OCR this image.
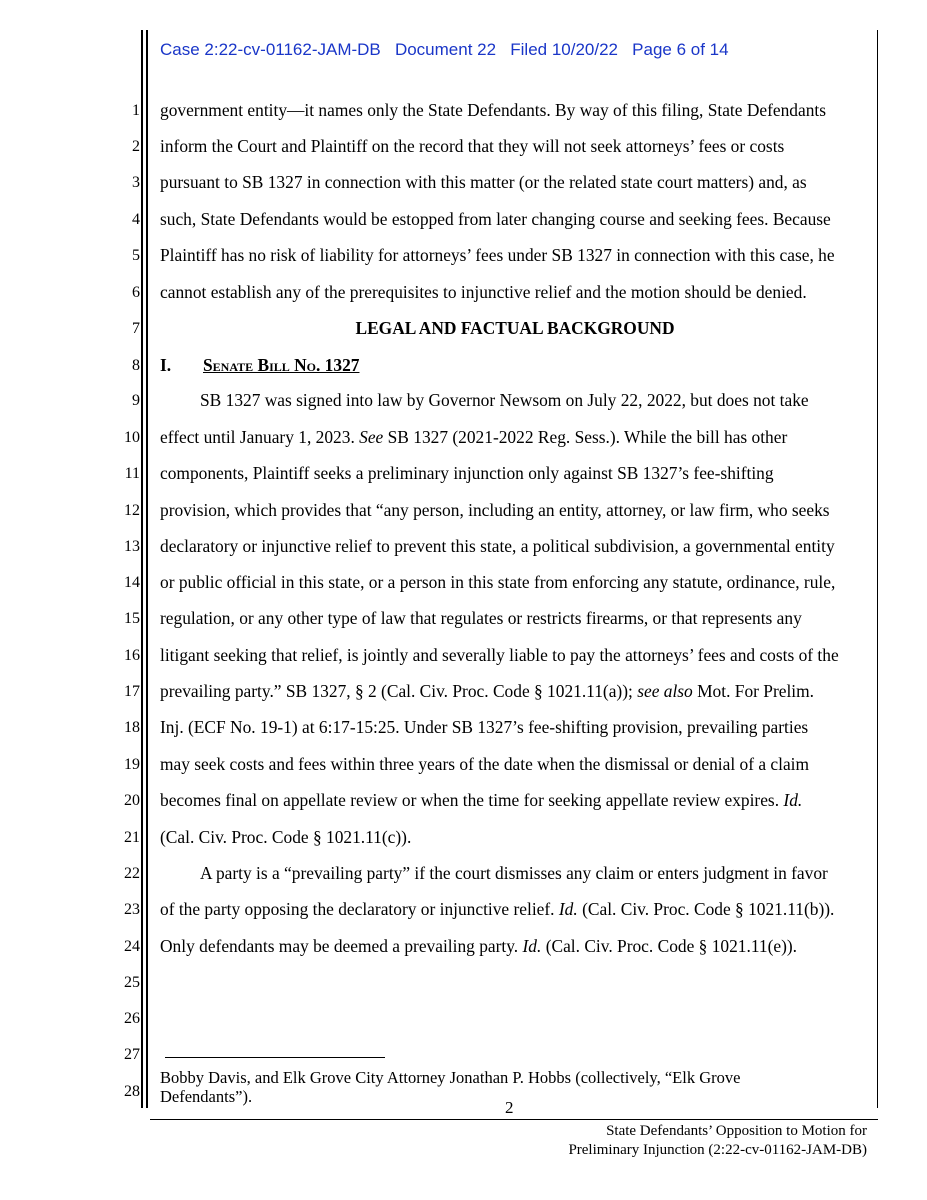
Case 2:22-cv-01162-JAM-DB Document 22 Filed 10/20/22 Page 6 of 14
1
2
3
4
5
6
7
8
9
10
11
12
13
14
15
16
17
18
19
20
21
22
23
24
25
26
27
28
government entity—it names only the State Defendants. By way of this filing, State Defendants
inform the Court and Plaintiff on the record that they will not seek attorneys’ fees or costs
pursuant to SB 1327 in connection with this matter (or the related state court matters) and, as
such, State Defendants would be estopped from later changing course and seeking fees. Because
Plaintiff has no risk of liability for attorneys’ fees under SB 1327 in connection with this case, he
cannot establish any of the prerequisites to injunctive relief and the motion should be denied.
LEGAL AND FACTUAL BACKGROUND
I. Senate Bill No. 1327
SB 1327 was signed into law by Governor Newsom on July 22, 2022, but does not take
effect until January 1, 2023. See SB 1327 (2021-2022 Reg. Sess.). While the bill has other
components, Plaintiff seeks a preliminary injunction only against SB 1327’s fee-shifting
provision, which provides that “any person, including an entity, attorney, or law firm, who seeks
declaratory or injunctive relief to prevent this state, a political subdivision, a governmental entity
or public official in this state, or a person in this state from enforcing any statute, ordinance, rule,
regulation, or any other type of law that regulates or restricts firearms, or that represents any
litigant seeking that relief, is jointly and severally liable to pay the attorneys’ fees and costs of the
prevailing party.” SB 1327, § 2 (Cal. Civ. Proc. Code § 1021.11(a)); see also Mot. For Prelim.
Inj. (ECF No. 19-1) at 6:17-15:25. Under SB 1327’s fee-shifting provision, prevailing parties
may seek costs and fees within three years of the date when the dismissal or denial of a claim
becomes final on appellate review or when the time for seeking appellate review expires. Id.
(Cal. Civ. Proc. Code § 1021.11(c)).
A party is a “prevailing party” if the court dismisses any claim or enters judgment in favor
of the party opposing the declaratory or injunctive relief. Id. (Cal. Civ. Proc. Code § 1021.11(b)).
Only defendants may be deemed a prevailing party. Id. (Cal. Civ. Proc. Code § 1021.11(e)).
Bobby Davis, and Elk Grove City Attorney Jonathan P. Hobbs (collectively, “Elk Grove
Defendants”).
2
State Defendants’ Opposition to Motion for
Preliminary Injunction (2:22-cv-01162-JAM-DB)
